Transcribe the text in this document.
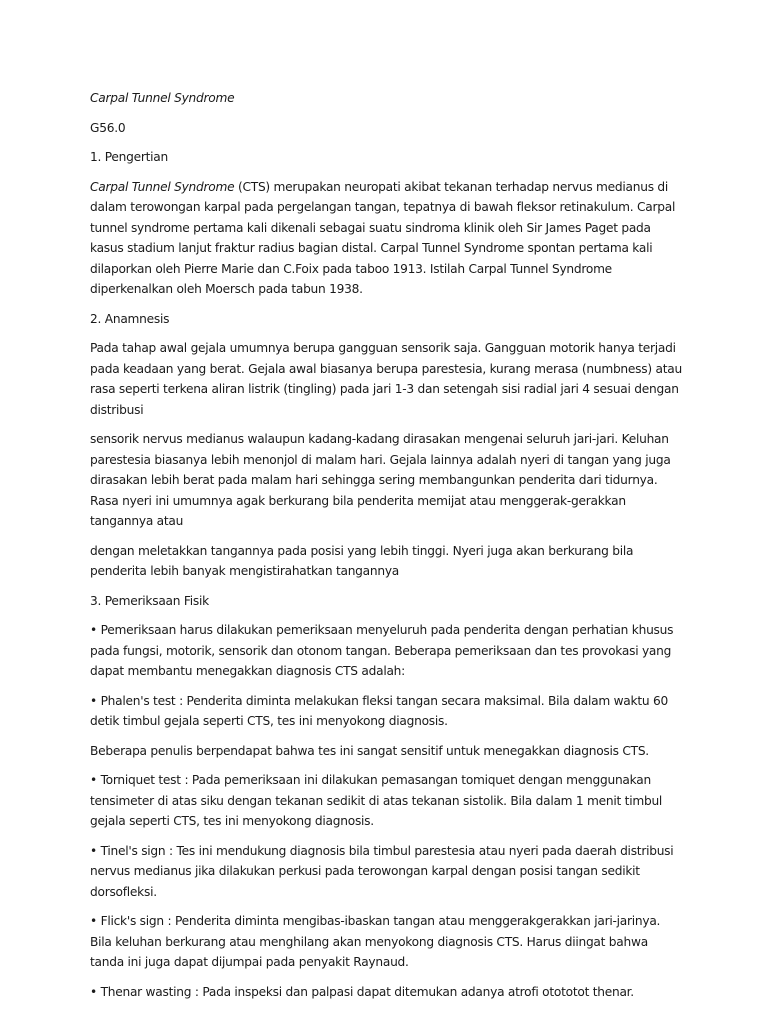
Carpal Tunnel Syndrome

G56.0

1. Pengertian

Carpal Tunnel Syndrome (CTS) merupakan neuropati akibat tekanan terhadap nervus medianus di dalam terowongan karpal pada pergelangan tangan, tepatnya di bawah fleksor retinakulum. Carpal tunnel syndrome pertama kali dikenali sebagai suatu sindroma klinik oleh Sir James Paget pada kasus stadium lanjut fraktur radius bagian distal. Carpal Tunnel Syndrome spontan pertama kali dilaporkan oleh Pierre Marie dan C.Foix pada taboo 1913. Istilah Carpal Tunnel Syndrome diperkenalkan oleh Moersch pada tabun 1938.

2. Anamnesis

Pada tahap awal gejala umumnya berupa gangguan sensorik saja. Gangguan motorik hanya terjadi pada keadaan yang berat. Gejala awal biasanya berupa parestesia, kurang merasa (numbness) atau rasa seperti terkena aliran listrik (tingling) pada jari 1-3 dan setengah sisi radial jari 4 sesuai dengan distribusi

sensorik nervus medianus walaupun kadang-kadang dirasakan mengenai seluruh jari-jari. Keluhan parestesia biasanya lebih menonjol di malam hari. Gejala lainnya adalah nyeri di tangan yang juga dirasakan lebih berat pada malam hari sehingga sering membangunkan penderita dari tidurnya. Rasa nyeri ini umumnya agak berkurang bila penderita memijat atau menggerak-gerakkan tangannya atau

dengan meletakkan tangannya pada posisi yang lebih tinggi. Nyeri juga akan berkurang bila penderita lebih banyak mengistirahatkan tangannya

3. Pemeriksaan Fisik

• Pemeriksaan harus dilakukan pemeriksaan menyeluruh pada penderita dengan perhatian khusus pada fungsi, motorik, sensorik dan otonom tangan. Beberapa pemeriksaan dan tes provokasi yang dapat membantu menegakkan diagnosis CTS adalah:

• Phalen's test : Penderita diminta melakukan fleksi tangan secara maksimal. Bila dalam waktu 60 detik timbul gejala seperti CTS, tes ini menyokong diagnosis.

Beberapa penulis berpendapat bahwa tes ini sangat sensitif untuk menegakkan diagnosis CTS.

• Torniquet test : Pada pemeriksaan ini dilakukan pemasangan tomiquet dengan menggunakan tensimeter di atas siku dengan tekanan sedikit di atas tekanan sistolik. Bila dalam 1 menit timbul gejala seperti CTS, tes ini menyokong diagnosis.

• Tinel's sign : Tes ini mendukung diagnosis bila timbul parestesia atau nyeri pada daerah distribusi nervus medianus jika dilakukan perkusi pada terowongan karpal dengan posisi tangan sedikit dorsofleksi.

• Flick's sign : Penderita diminta mengibas-ibaskan tangan atau menggerakgerakkan jari-jarinya. Bila keluhan berkurang atau menghilang akan menyokong diagnosis CTS. Harus diingat bahwa tanda ini juga dapat dijumpai pada penyakit Raynaud.

• Thenar wasting : Pada inspeksi dan palpasi dapat ditemukan adanya atrofi otototot thenar.
